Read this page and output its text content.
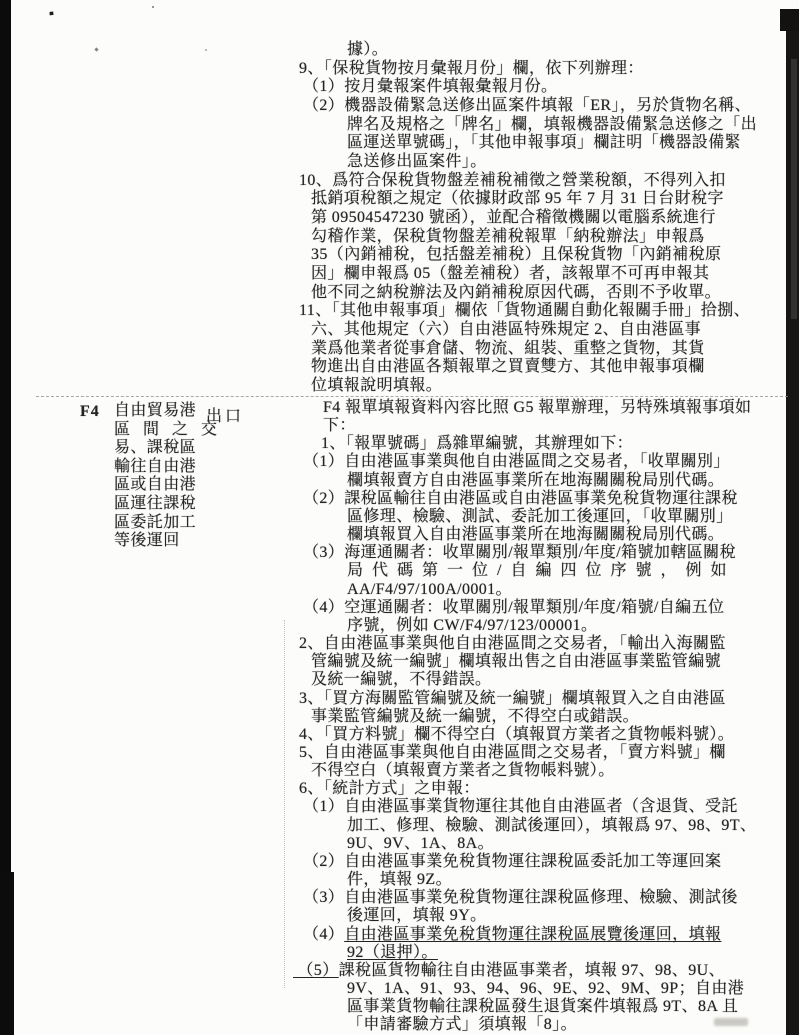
據）。
9、「保稅貨物按月彙報月份」欄，依下列辦理：
（1）按月彙報案件填報彙報月份。
（2）機器設備緊急送修出區案件填報「ER」，另於貨物名稱、
牌名及規格之「牌名」欄，填報機器設備緊急送修之「出
區運送單號碼」，「其他申報事項」欄註明「機器設備緊
急送修出區案件」。
10、爲符合保稅貨物盤差補稅補徵之營業稅額，不得列入扣
抵銷項稅額之規定（依據財政部 95 年 7 月 31 日台財稅字
第 09504547230 號函），並配合稽徵機關以電腦系統進行
勾稽作業，保稅貨物盤差補稅報單「納稅辦法」申報爲
35（內銷補稅，包括盤差補稅）且保稅貨物「內銷補稅原
因」欄申報爲 05（盤差補稅）者，該報單不可再申報其
他不同之納稅辦法及內銷補稅原因代碼，否則不予收單。
11、「其他申報事項」欄依「貨物通關自動化報關手冊」拾捌、
六、其他規定（六）自由港區特殊規定 2、自由港區事
業爲他業者從事倉儲、物流、組裝、重整之貨物，其貨
物進出自由港區各類報單之買賣雙方、其他申報事項欄
位填報說明填報。
F4 自由貿易港
區間之交
易、課稅區
輸往自由港
區或自由港
區運往課稅
區委託加工
等後運回
出口
F4 報單填報資料內容比照 G5 報單辦理，另特殊填報事項如
下：
1、「報單號碼」爲雜單編號，其辦理如下：
（1）自由港區事業與他自由港區間之交易者，「收單關別」
欄填報賣方自由港區事業所在地海關關稅局別代碼。
（2）課稅區輸往自由港區或自由港區事業免稅貨物運往課稅
區修理、檢驗、測試、委託加工後運回，「收單關別」
欄填報買入自由港區事業所在地海關關稅局別代碼。
（3）海運通關者：收單關別/報單類別/年度/箱號加轄區關稅
局代碼第一位/自編四位序號，例如
AA/F4/97/100A/0001。
（4）空運通關者：收單關別/報單類別/年度/箱號/自編五位
序號，例如 CW/F4/97/123/00001。
2、自由港區事業與他自由港區間之交易者，「輸出入海關監
管編號及統一編號」欄填報出售之自由港區事業監管編號
及統一編號，不得錯誤。
3、「買方海關監管編號及統一編號」欄填報買入之自由港區
事業監管編號及統一編號，不得空白或錯誤。
4、「買方料號」欄不得空白（填報買方業者之貨物帳料號）。
5、自由港區事業與他自由港區間之交易者，「賣方料號」欄
不得空白（填報賣方業者之貨物帳料號）。
6、「統計方式」之申報：
（1）自由港區事業貨物運往其他自由港區者（含退貨、受託
加工、修理、檢驗、測試後運回），填報爲 97、98、9T、
9U、9V、1A、8A。
（2）自由港區事業免稅貨物運往課稅區委託加工等運回案
件，填報 9Z。
（3）自由港區事業免稅貨物運往課稅區修理、檢驗、測試後
後運回，填報 9Y。
（4）自由港區事業免稅貨物運往課稅區展覽後運回，填報
92（退押）。
（5）課稅區貨物輸往自由港區事業者，填報 97、98、9U、
9V、1A、91、93、94、96、9E、92、9M、9P；自由港
區事業貨物輸往課稅區發生退貨案件填報爲 9T、8A 且
「申請審驗方式」須填報「8」。
